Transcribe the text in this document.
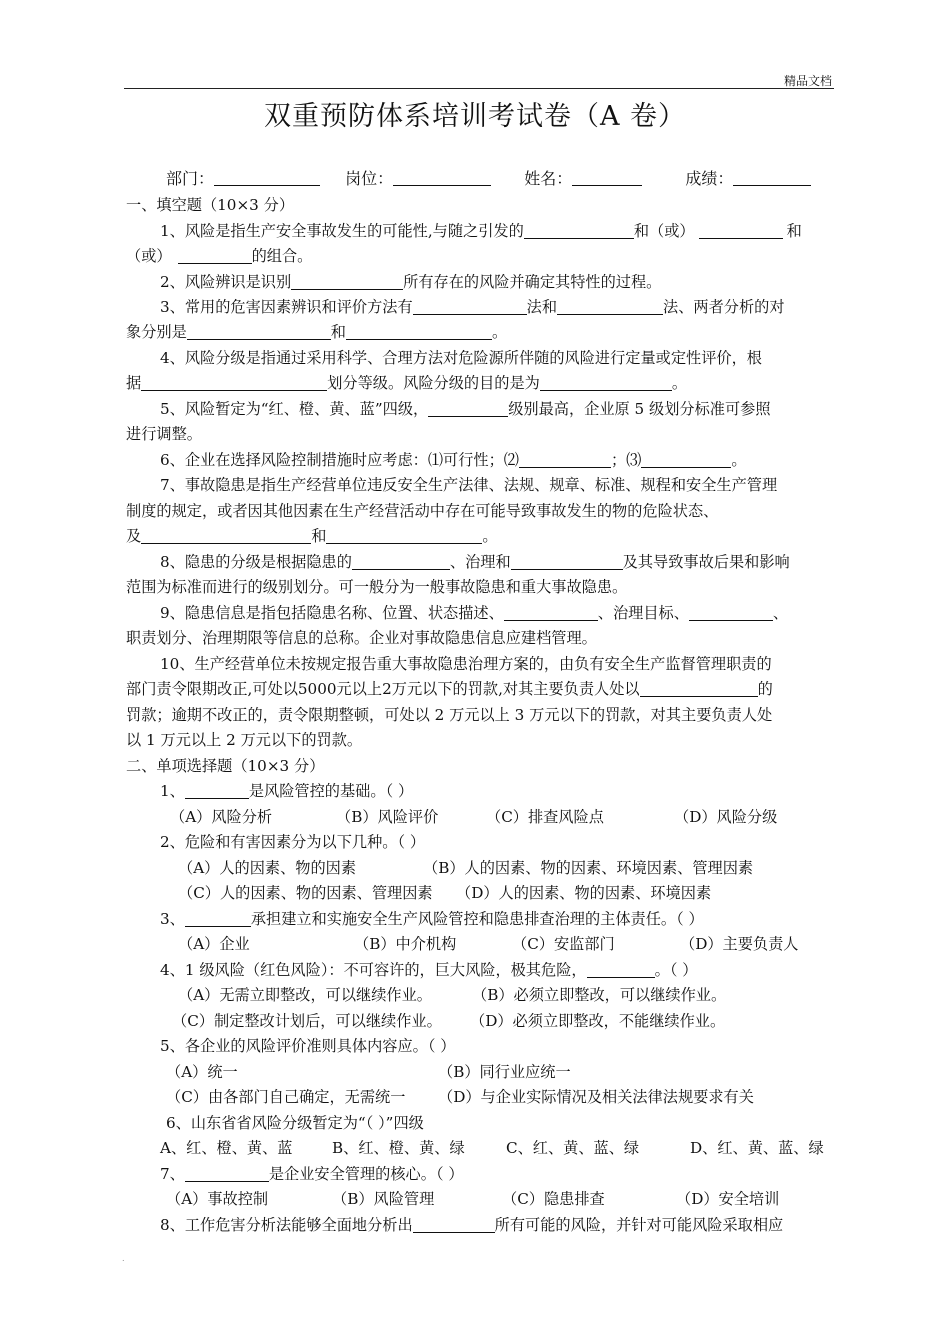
精品文档
双重预防体系培训考试卷（A 卷）
部门：	岗位：	姓名：	成绩：
一、填空题（10×3 分）
1、风险是指生产安全事故发生的可能性,与随之引发的	和（或）	和
（或）	的组合。
2、风险辨识是识别	所有存在的风险并确定其特性的过程。
3、常用的危害因素辨识和评价方法有	法和	法、两者分析的对
象分别是	和	。
4、风险分级是指通过采用科学、合理方法对危险源所伴随的风险进行定量或定性评价，根
据	划分等级。风险分级的目的是为	。
5、风险暂定为“红、橙、黄、蓝”四级，	级别最高，企业原 5 级划分标准可参照
进行调整。
6、企业在选择风险控制措施时应考虑：⑴可行性；⑵	；⑶	。
7、事故隐患是指生产经营单位违反安全生产法律、法规、规章、标准、规程和安全生产管理
制度的规定，或者因其他因素在生产经营活动中存在可能导致事故发生的物的危险状态、
及	和	。
8、隐患的分级是根据隐患的	、治理和	及其导致事故后果和影响
范围为标准而进行的级别划分。可一般分为一般事故隐患和重大事故隐患。
9、隐患信息是指包括隐患名称、位置、状态描述、	、治理目标、	、
职责划分、治理期限等信息的总称。企业对事故隐患信息应建档管理。
10、生产经营单位未按规定报告重大事故隐患治理方案的，由负有安全生产监督管理职责的
部门责令限期改正,可处以5000元以上2万元以下的罚款,对其主要负责人处以	的
罚款；逾期不改正的，责令限期整顿，可处以 2 万元以上 3 万元以下的罚款，对其主要负责人处
以 1 万元以上 2 万元以下的罚款。
二、单项选择题（10×3 分）
1、	是风险管控的基础。（ ）
（A）风险分析	（B）风险评价	（C）排查风险点	（D）风险分级
2、危险和有害因素分为以下几种。（ ）
（A）人的因素、物的因素	（B）人的因素、物的因素、环境因素、管理因素
（C）人的因素、物的因素、管理因素 （D）人的因素、物的因素、环境因素
3、	承担建立和实施安全生产风险管控和隐患排查治理的主体责任。（ ）
（A）企业	（B）中介机构	（C）安监部门	（D）主要负责人
4、1 级风险（红色风险）：不可容许的，巨大风险，极其危险，	。（ ）
（A）无需立即整改，可以继续作业。	（B）必须立即整改，可以继续作业。
（C）制定整改计划后，可以继续作业。 （D）必须立即整改，不能继续作业。
5、各企业的风险评价准则具体内容应。（ ）
（A）统一	（B）同行业应统一
（C）由各部门自己确定，无需统一 （D）与企业实际情况及相关法律法规要求有关
6、山东省省风险分级暂定为“（ ）”四级
A、红、橙、黄、蓝	B、红、橙、黄、绿	C、红、黄、蓝、绿	D、红、黄、蓝、绿
7、	是企业安全管理的核心。（ ）
（A）事故控制	（B）风险管理	（C）隐患排查	（D）安全培训
8、工作危害分析法能够全面地分析出	所有可能的风险，并针对可能风险采取相应
.
